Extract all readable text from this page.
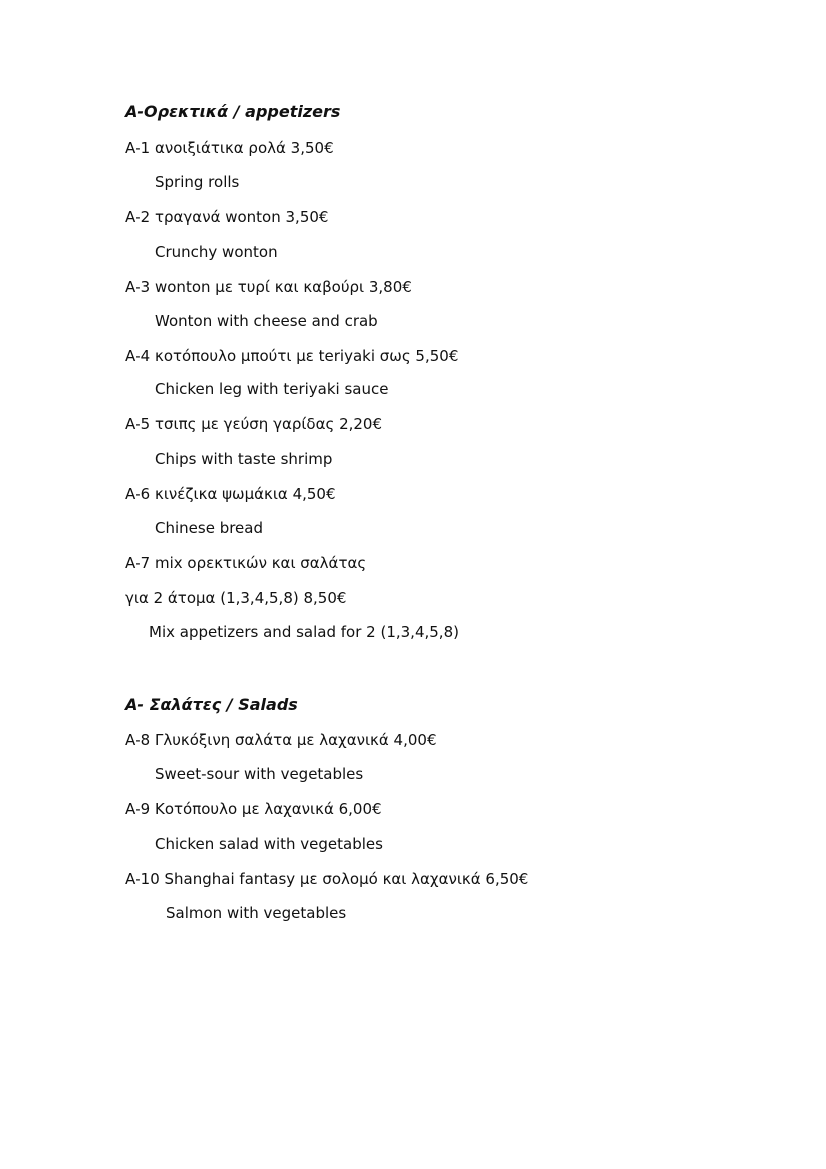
Α-Ορεκτικά / appetizers
Α-1 ανοιξιάτικα ρολά 3,50€
Spring rolls
Α-2 τραγανά wonton 3,50€
Crunchy wonton
Α-3 wonton με τυρί και καβούρι 3,80€
Wonton with cheese and crab
Α-4 κοτόπουλο μπούτι με teriyaki σως 5,50€
Chicken leg with teriyaki sauce
Α-5 τσιπς με γεύση γαρίδας 2,20€
Chips with taste shrimp
Α-6 κινέζικα ψωμάκια 4,50€
Chinese bread
Α-7 mix ορεκτικών και σαλάτας
για 2 άτομα (1,3,4,5,8) 8,50€
Mix appetizers and salad for 2 (1,3,4,5,8)
Α- Σαλάτες / Salads
Α-8 Γλυκόξινη σαλάτα με λαχανικά 4,00€
Sweet-sour with vegetables
Α-9 Κοτόπουλο με λαχανικά 6,00€
Chicken salad with vegetables
Α-10 Shanghai fantasy με σολομό και λαχανικά 6,50€
Salmon with vegetables
